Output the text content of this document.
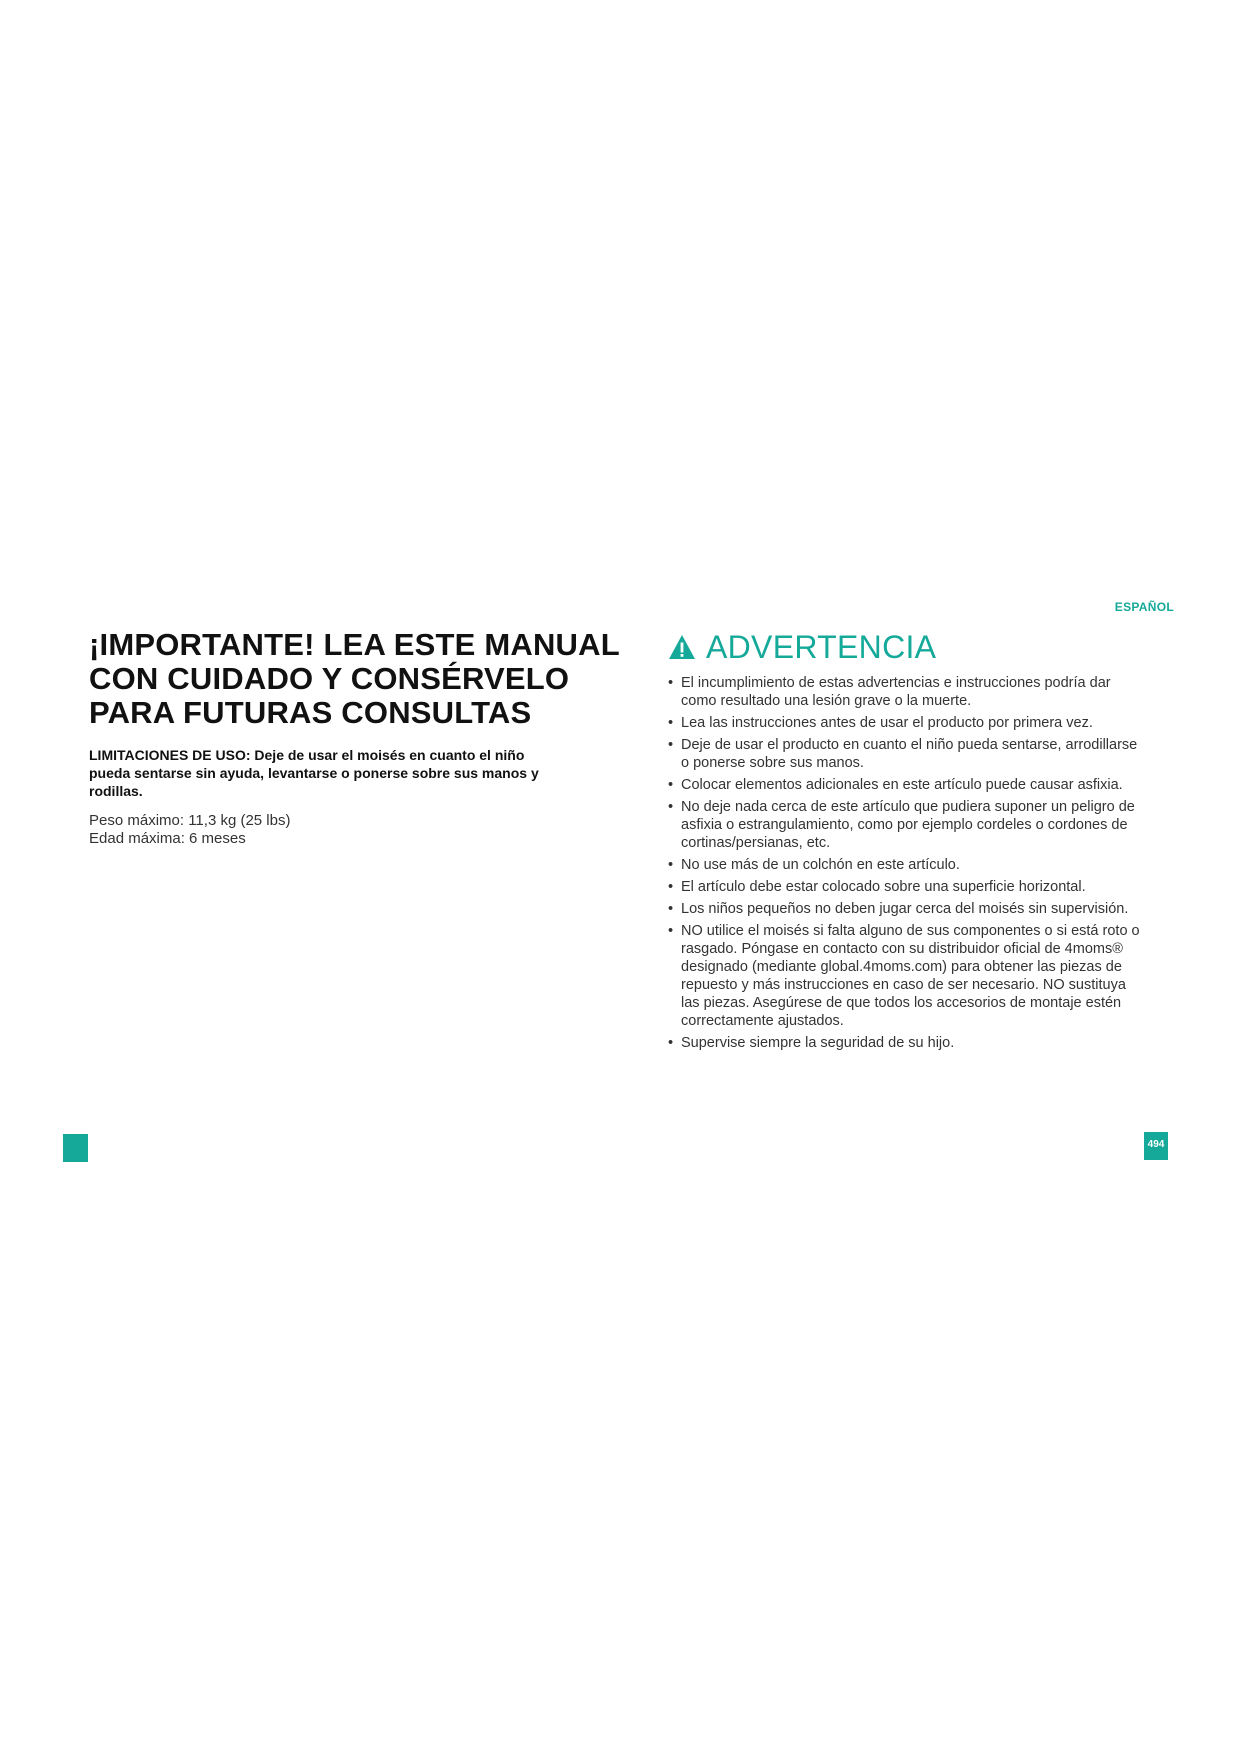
ESPAÑOL
¡IMPORTANTE! LEA ESTE MANUAL
CON CUIDADO Y CONSÉRVELO
PARA FUTURAS CONSULTAS

LIMITACIONES DE USO: Deje de usar el moisés en cuanto el niño pueda sentarse sin ayuda, levantarse o ponerse sobre sus manos y rodillas.

Peso máximo: 11,3 kg (25 lbs)

Edad máxima: 6 meses

ADVERTENCIA
• El incumplimiento de estas advertencias e instrucciones podría dar como resultado una lesión grave o la muerte.
• Lea las instrucciones antes de usar el producto por primera vez.
• Deje de usar el producto en cuanto el niño pueda sentarse, arrodillarse o ponerse sobre sus manos.
• Colocar elementos adicionales en este artículo puede causar asfixia.
• No deje nada cerca de este artículo que pudiera suponer un peligro de asfixia o estrangulamiento, como por ejemplo cordeles o cordones de cortinas/persianas, etc.
• No use más de un colchón en este artículo.
• El artículo debe estar colocado sobre una superficie horizontal.
• Los niños pequeños no deben jugar cerca del moisés sin supervisión.
• NO utilice el moisés si falta alguno de sus componentes o si está roto o rasgado. Póngase en contacto con su distribuidor oficial de 4moms® designado (mediante global.4moms.com) para obtener las piezas de repuesto y más instrucciones en caso de ser necesario. NO sustituya las piezas. Asegúrese de que todos los accesorios de montaje estén correctamente ajustados.
• Supervise siempre la seguridad de su hijo.
494
